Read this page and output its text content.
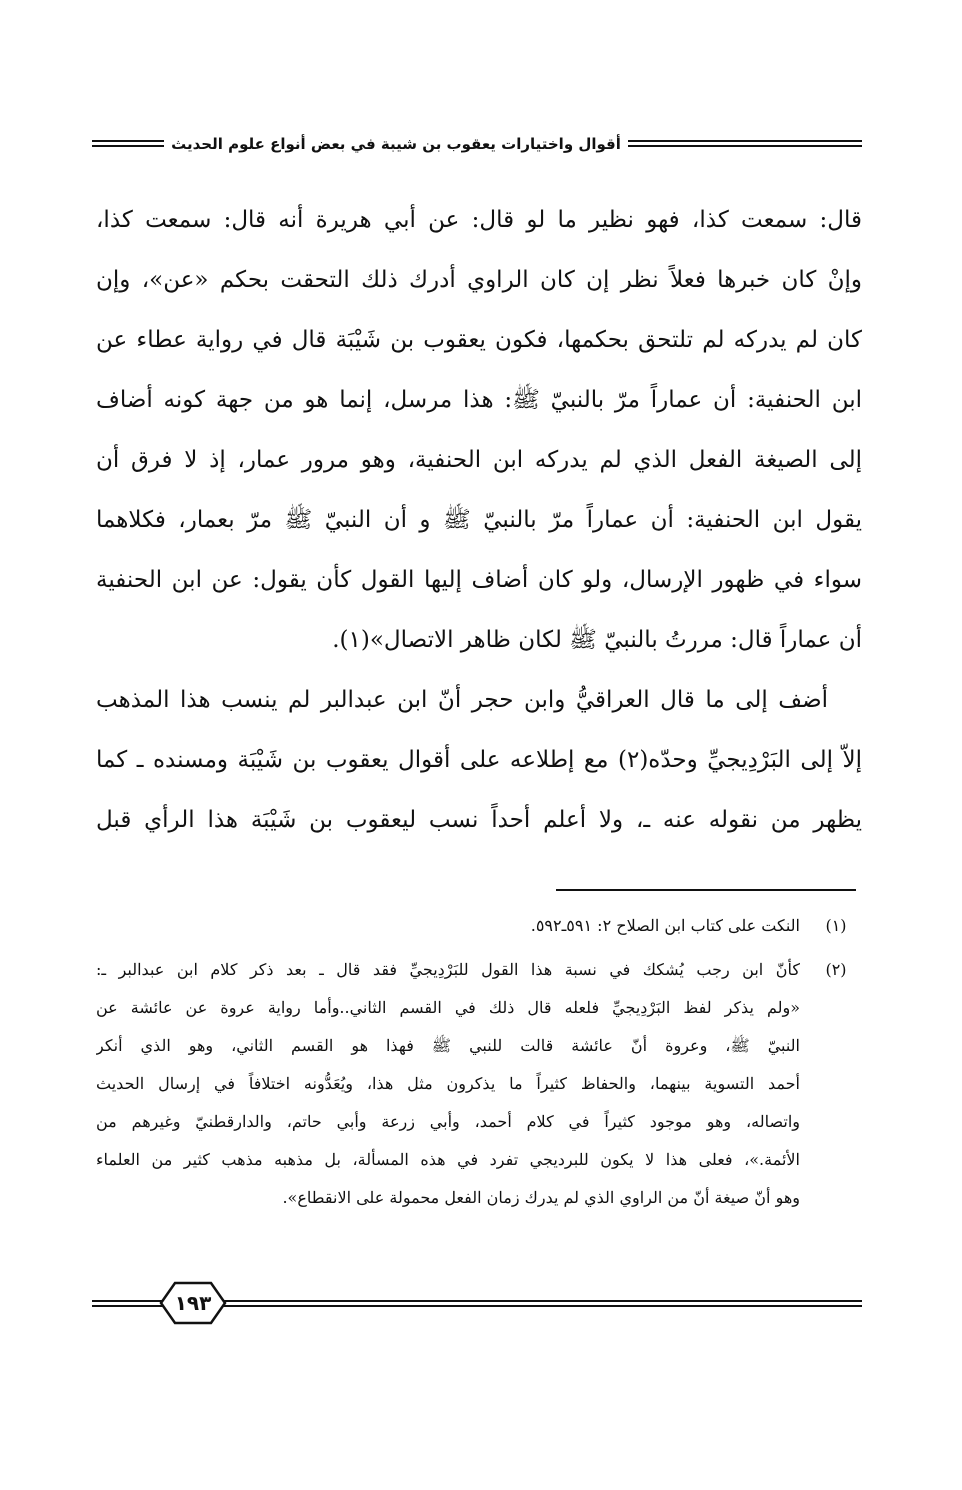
أقوال واختيارات يعقوب بن شيبة في بعض أنواع علوم الحديث
قال: سمعت كذا، فهو نظير ما لو قال: عن أبي هريرة أنه قال: سمعت كذا،
وإنْ كان خبرها فعلاً نظر إن كان الراوي أدرك ذلك التحقت بحكم «عن»، وإن
كان لم يدركه لم تلتحق بحكمها، فكون يعقوب بن شَيْبَة قال في رواية عطاء عن
ابن الحنفية: أن عماراً مرّ بالنبيّ ﷺ: هذا مرسل، إنما هو من جهة كونه أضاف
إلى الصيغة الفعل الذي لم يدركه ابن الحنفية، وهو مرور عمار، إذ لا فرق أن
يقول ابن الحنفية: أن عماراً مرّ بالنبيّ ﷺ و أن النبيّ ﷺ مرّ بعمار، فكلاهما
سواء في ظهور الإرسال، ولو كان أضاف إليها القول كأن يقول: عن ابن الحنفية
أن عماراً قال: مررتُ بالنبيّ ﷺ لكان ظاهر الاتصال»(١).
أضف إلى ما قال العراقيُّ وابن حجر أنّ ابن عبدالبر لم ينسب هذا المذهب
إلاّ إلى البَرْدِيجيِّ وحدّه(٢) مع إطلاعه على أقوال يعقوب بن شَيْبَة ومسنده ـ كما
يظهر من نقوله عنه ـ، ولا أعلم أحداً نسب ليعقوب بن شَيْبَة هذا الرأي قبل
(١)
النكت على كتاب ابن الصلاح ٢: ٥٩١ـ٥٩٢.
(٢)
كأنّ ابن رجب يُشكك في نسبة هذا القول للبَرْدِيجيِّ فقد قال ـ بعد ذكر كلام ابن عبدالبر ـ:
«ولم يذكر لفظ البَرْدِيجيِّ فلعله قال ذلك في القسم الثاني..وأما رواية عروة عن عائشة عن
النبيّ ﷺ، وعروة أنّ عائشة قالت للنبي ﷺ فهذا هو القسم الثاني، وهو الذي أنكر
أحمد التسوية بينهما، والحفاظ كثيراً ما يذكرون مثل هذا، ويُعَدُّونه اختلافاً في إرسال الحديث
واتصاله، وهو موجود كثيراً في كلام أحمد، وأبي زرعة وأبي حاتم، والدارقطنيّ وغيرهم من
الأئمة.»، فعلى هذا لا يكون للبرديجي تفرد في هذه المسألة، بل مذهبه مذهب كثير من العلماء
وهو أنّ صيغة أنّ من الراوي الذي لم يدرك زمان الفعل محمولة على الانقطاع».
١٩٣
